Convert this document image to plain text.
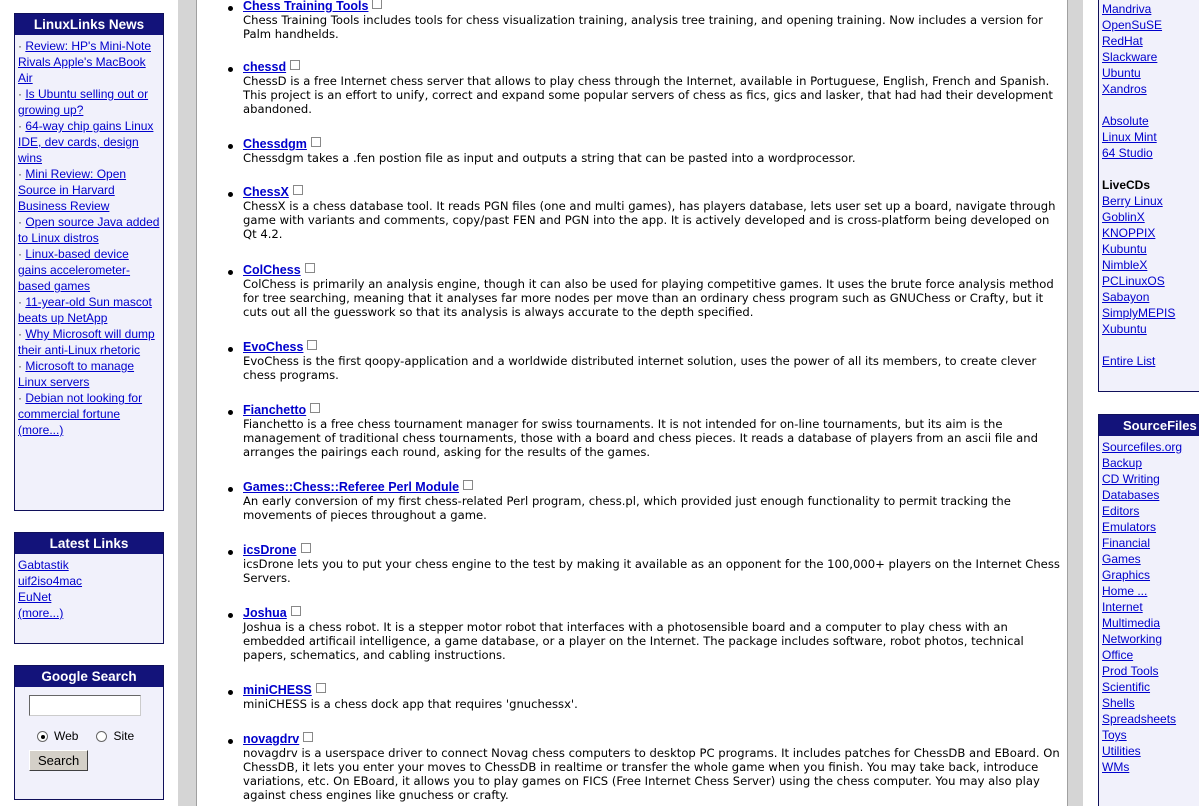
LinuxLinks News
· Review: HP's Mini-Note Rivals Apple's MacBook Air
· Is Ubuntu selling out or growing up?
· 64-way chip gains Linux IDE, dev cards, design wins
· Mini Review: Open Source in Harvard Business Review
· Open source Java added to Linux distros
· Linux-based device gains accelerometer-based games
· 11-year-old Sun mascot beats up NetApp
· Why Microsoft will dump their anti-Linux rhetoric
· Microsoft to manage Linux servers
· Debian not looking for commercial fortune
(more...)
Latest Links
Gabtastik
uif2iso4mac
EuNet
(more...)
Google Search
Web	Site
Search
Chess Training Tools
Chess Training Tools includes tools for chess visualization training, analysis tree training, and opening training. Now includes a version for Palm handhelds.
chessd
ChessD is a free Internet chess server that allows to play chess through the Internet, available in Portuguese, English, French and Spanish. This project is an effort to unify, correct and expand some popular servers of chess as fics, gics and lasker, that had had their development abandoned.
Chessdgm
Chessdgm takes a .fen postion file as input and outputs a string that can be pasted into a wordprocessor.
ChessX
ChessX is a chess database tool. It reads PGN files (one and multi games), has players database, lets user set up a board, navigate through game with variants and comments, copy/past FEN and PGN into the app. It is actively developed and is cross-platform being developed on Qt 4.2.
ColChess
ColChess is primarily an analysis engine, though it can also be used for playing competitive games. It uses the brute force analysis method for tree searching, meaning that it analyses far more nodes per move than an ordinary chess program such as GNUChess or Crafty, but it cuts out all the guesswork so that its analysis is always accurate to the depth specified.
EvoChess
EvoChess is the first qoopy-application and a worldwide distributed internet solution, uses the power of all its members, to create clever chess programs.
Fianchetto
Fianchetto is a free chess tournament manager for swiss tournaments. It is not intended for on-line tournaments, but its aim is the management of traditional chess tournaments, those with a board and chess pieces. It reads a database of players from an ascii file and arranges the pairings each round, asking for the results of the games.
Games::Chess::Referee Perl Module
An early conversion of my first chess-related Perl program, chess.pl, which provided just enough functionality to permit tracking the movements of pieces throughout a game.
icsDrone
icsDrone lets you to put your chess engine to the test by making it available as an opponent for the 100,000+ players on the Internet Chess Servers.
Joshua
Joshua is a chess robot. It is a stepper motor robot that interfaces with a photosensible board and a computer to play chess with an embedded artificail intelligence, a game database, or a player on the Internet. The package includes software, robot photos, technical papers, schematics, and cabling instructions.
miniCHESS
miniCHESS is a chess dock app that requires 'gnuchessx'.
novagdrv
novagdrv is a userspace driver to connect Novag chess computers to desktop PC programs. It includes patches for ChessDB and EBoard. On ChessDB, it lets you enter your moves to ChessDB in realtime or transfer the whole game when you finish. You may take back, introduce variations, etc. On EBoard, it allows you to play games on FICS (Free Internet Chess Server) using the chess computer. You may also play against chess engines like gnuchess or crafty.
Mandriva
OpenSuSE
RedHat
Slackware
Ubuntu
Xandros
Absolute
Linux Mint
64 Studio
LiveCDs
Berry Linux
GoblinX
KNOPPIX
Kubuntu
NimbleX
PCLinuxOS
Sabayon
SimplyMEPIS
Xubuntu
Entire List
SourceFiles
Sourcefiles.org
Backup
CD Writing
Databases
Editors
Emulators
Financial
Games
Graphics
Home ...
Internet
Multimedia
Networking
Office
Prod Tools
Scientific
Shells
Spreadsheets
Toys
Utilities
WMs
